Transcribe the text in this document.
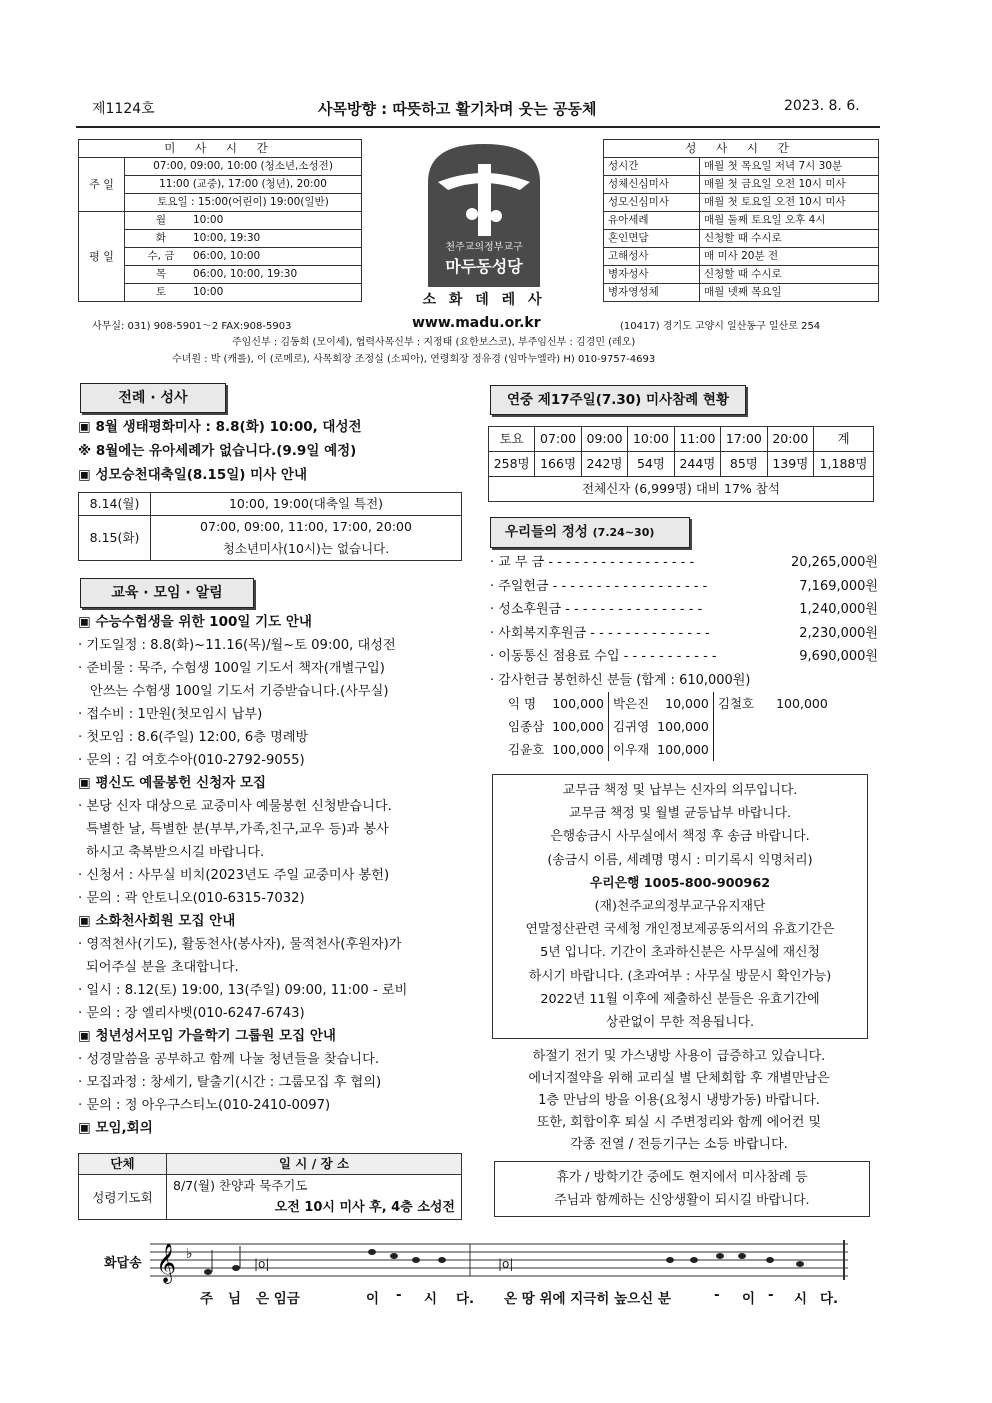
제1124호	사목방향 : 따뜻하고 활기차며 웃는 공동체	2023. 8. 6.
미 사 시 간	
주 일	07:00, 09:00, 10:00 (청소년,소성전)
	11:00 (교중), 17:00 (청년), 20:00
	토요일 : 15:00(어린이) 19:00(일반)
평 일	월 10:00
	화 10:00, 19:30
	수, 금 06:00, 10:00
	목 06:00, 10:00, 19:30
	토 10:00
천주교의정부교구
마두동성당
소 화 데 레 사
성 사 시 간	
성시간	매월 첫 목요일 저녁 7시 30분
성체신심미사	매월 첫 금요일 오전 10시 미사
성모신심미사	매월 첫 토요일 오전 10시 미사
유아세례	매월 둘째 토요일 오후 4시
혼인면담	신청할 때 수시로
고해성사	매 미사 20분 전
병자성사	신청할 때 수시로
병자영성체	매월 넷째 목요일
사무실: 031) 908-5901～2 FAX:908-5903	www.madu.or.kr	(10417) 경기도 고양시 일산동구 일산로 254
주임신부 : 김동희 (모이세), 협력사목신부 : 지정태 (요한보스코), 부주임신부 : 김경민 (레오)
수녀원 : 박 (캐롤), 이 (로메로), 사목회장 조정실 (소피아), 연령회장 정유경 (임마누엘라) H) 010-9757-4693
전례 · 성사
▣ 8월 생태평화미사 : 8.8(화) 10:00, 대성전
※ 8월에는 유아세례가 없습니다.(9.9일 예정)
▣ 성모승천대축일(8.15일) 미사 안내
8.14(월)	10:00, 19:00(대축일 특전)
8.15(화)	07:00, 09:00, 11:00, 17:00, 20:00
청소년미사(10시)는 없습니다.
교육 · 모임 · 알림
▣ 수능수험생을 위한 100일 기도 안내
· 기도일정 : 8.8(화)~11.16(목)/월~토 09:00, 대성전
· 준비물 : 묵주, 수험생 100일 기도서 책자(개별구입)
안쓰는 수험생 100일 기도서 기증받습니다.(사무실)
· 접수비 : 1만원(첫모임시 납부)
· 첫모임 : 8.6(주일) 12:00, 6층 명례방
· 문의 : 김 여호수아(010-2792-9055)
▣ 평신도 예물봉헌 신청자 모집
· 본당 신자 대상으로 교중미사 예물봉헌 신청받습니다.
특별한 날, 특별한 분(부부,가족,친구,교우 등)과 봉사
하시고 축복받으시길 바랍니다.
· 신청서 : 사무실 비치(2023년도 주일 교중미사 봉헌)
· 문의 : 곽 안토니오(010-6315-7032)
▣ 소화천사회원 모집 안내
· 영적천사(기도), 활동천사(봉사자), 물적천사(후원자)가
되어주실 분을 초대합니다.
· 일시 : 8.12(토) 19:00, 13(주일) 09:00, 11:00 - 로비
· 문의 : 장 엘리사벳(010-6247-6743)
▣ 청년성서모임 가을학기 그룹원 모집 안내
· 성경말씀을 공부하고 함께 나눌 청년들을 찾습니다.
· 모집과정 : 창세기, 탈출기(시간 : 그룹모집 후 협의)
· 문의 : 정 아우구스티노(010-2410-0097)
▣ 모임,회의
단체	일 시 / 장 소
성령기도회	8/7(월) 찬양과 묵주기도
오전 10시 미사 후, 4층 소성전
연중 제17주일(7.30) 미사참례 현황
토요	07:00	09:00	10:00	11:00	17:00	20:00	계
258명	166명	242명	54명	244명	85명	139명	1,188명
전체신자 (6,999명) 대비 17% 참석							
우리들의 정성 (7.24~30)
· 교 무 금 - - - - - - - - - - - - - - - - -	20,265,000원
· 주일헌금 - - - - - - - - - - - - - - - - - -	7,169,000원
· 성소후원금 - - - - - - - - - - - - - - - -	1,240,000원
· 사회복지후원금 - - - - - - - - - - - - - -	2,230,000원
· 이동통신 점용료 수입 - - - - - - - - - - -	9,690,000원
· 감사헌금 봉헌하신 분들 (합계 : 610,000원)
익 명	100,000	박은진	10,000	김철호	100,000
임종삼	100,000	김귀영	100,000		
김윤호	100,000	이우재	100,000		
교무금 책정 및 납부는 신자의 의무입니다.
교무금 책정 및 월별 균등납부 바랍니다.
은행송금시 사무실에서 책정 후 송금 바랍니다.
(송금시 이름, 세례명 명시 : 미기록시 익명처리)
우리은행 1005-800-900962
(재)천주교의정부교구유지재단
연말정산관련 국세청 개인정보제공동의서의 유효기간은
5년 입니다. 기간이 초과하신분은 사무실에 재신청
하시기 바랍니다. (초과여부 : 사무실 방문시 확인가능)
2022년 11월 이후에 제출하신 분들은 유효기간에
상관없이 무한 적용됩니다.
하절기 전기 및 가스냉방 사용이 급증하고 있습니다.
에너지절약을 위해 교리실 별 단체회합 후 개별만남은
1층 만남의 방을 이용(요청시 냉방가동) 바랍니다.
또한, 회합이후 퇴실 시 주변정리와 함께 에어컨 및
각종 전열 / 전등기구는 소등 바랍니다.
휴가 / 방학기간 중에도 현지에서 미사참례 등
주님과 함께하는 신앙생활이 되시길 바랍니다.
화답송 𝄞 ♭
|o|	|o|
주 님 은 임금	이 - 시 다. 온 땅 위에 지극히 높으신 분	- 이 - 시 다.
